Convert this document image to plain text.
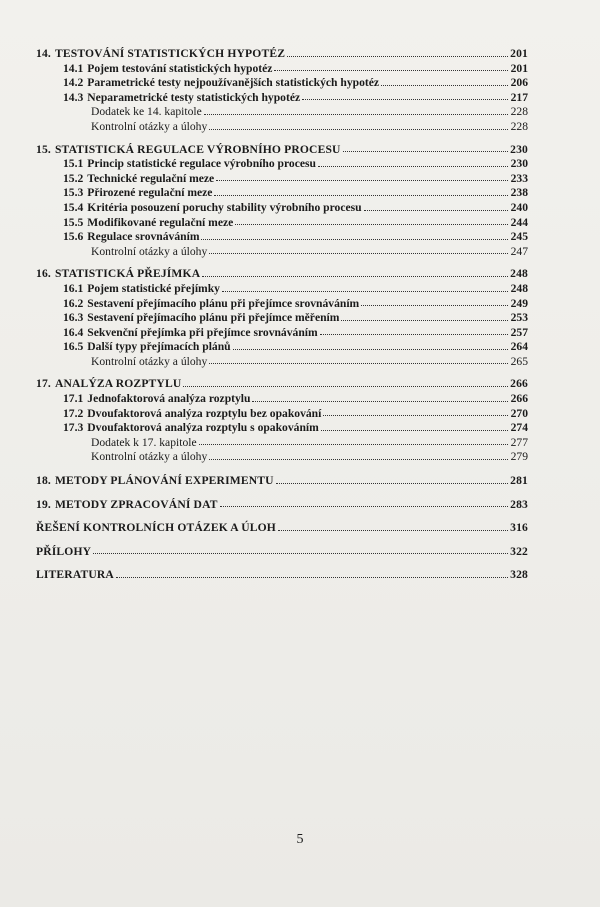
14. TESTOVÁNÍ STATISTICKÝCH HYPOTÉZ	201
14.1 Pojem testování statistických hypotéz	201
14.2 Parametrické testy nejpoužívanějších statistických hypotéz	206
14.3 Neparametrické testy statistických hypotéz	217
Dodatek ke 14. kapitole	228
Kontrolní otázky a úlohy	228
15. STATISTICKÁ REGULACE VÝROBNÍHO PROCESU	230
15.1 Princip statistické regulace výrobního procesu	230
15.2 Technické regulační meze	233
15.3 Přirozené regulační meze	238
15.4 Kritéria posouzení poruchy stability výrobního procesu	240
15.5 Modifikované regulační meze	244
15.6 Regulace srovnáváním	245
Kontrolní otázky a úlohy	247
16. STATISTICKÁ PŘEJÍMKA	248
16.1 Pojem statistické přejímky	248
16.2 Sestavení přejímacího plánu při přejímce srovnáváním	249
16.3 Sestavení přejímacího plánu při přejímce měřením	253
16.4 Sekvenční přejímka při přejímce srovnáváním	257
16.5 Další typy přejímacích plánů	264
Kontrolní otázky a úlohy	265
17. ANALÝZA ROZPTYLU	266
17.1 Jednofaktorová analýza rozptylu	266
17.2 Dvoufaktorová analýza rozptylu bez opakování	270
17.3 Dvoufaktorová analýza rozptylu s opakováním	274
Dodatek k 17. kapitole	277
Kontrolní otázky a úlohy	279
18. METODY PLÁNOVÁNÍ EXPERIMENTU	281
19. METODY ZPRACOVÁNÍ DAT	283
ŘEŠENÍ KONTROLNÍCH OTÁZEK A ÚLOH	316
PŘÍLOHY	322
LITERATURA	328
5
